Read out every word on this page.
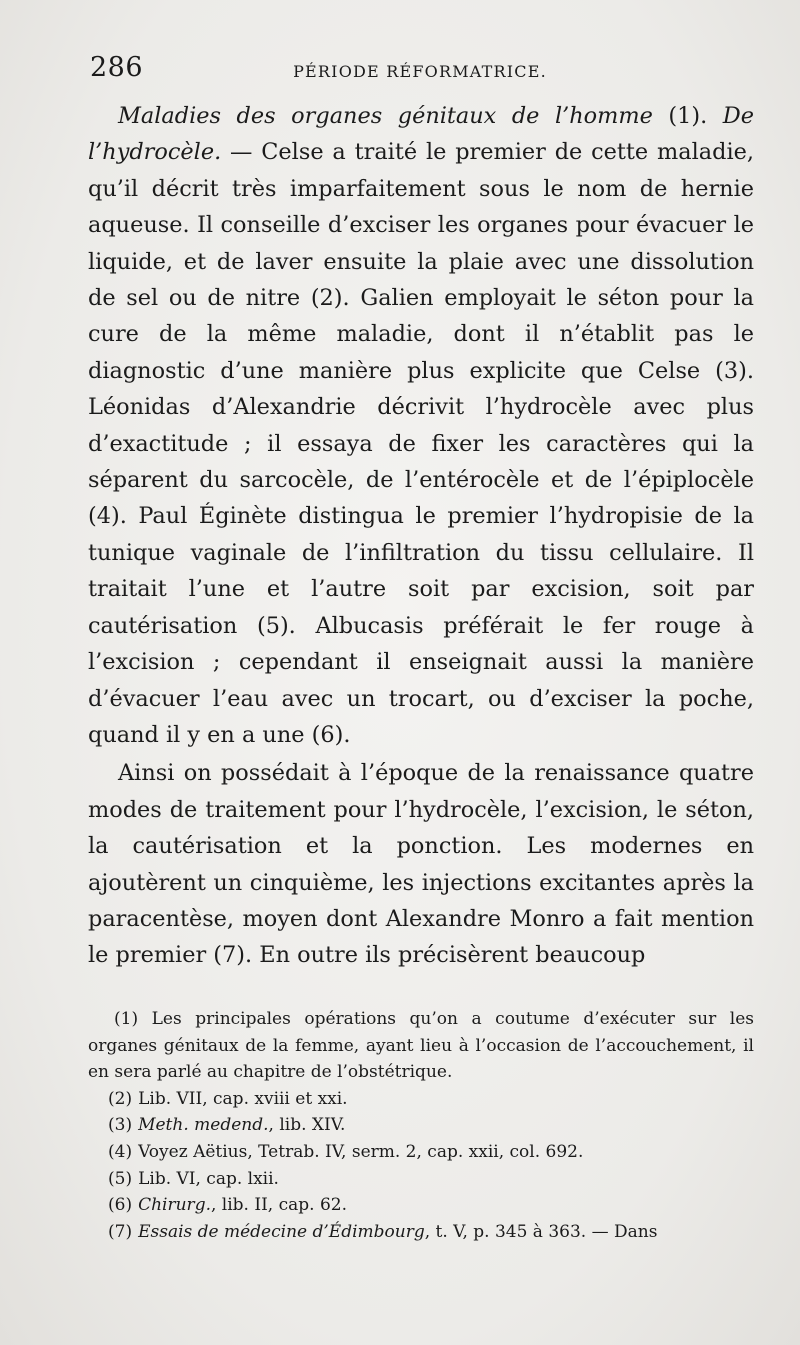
286	PÉRIODE RÉFORMATRICE.

Maladies des organes génitaux de l’homme (1). De l’hydrocèle. — Celse a traité le premier de cette maladie, qu’il décrit très imparfaitement sous le nom de hernie aqueuse. Il conseille d’exciser les organes pour évacuer le liquide, et de laver ensuite la plaie avec une dissolution de sel ou de nitre (2). Galien employait le séton pour la cure de la même maladie, dont il n’établit pas le diagnostic d’une manière plus explicite que Celse (3). Léonidas d’Alexandrie décrivit l’hydrocèle avec plus d’exactitude ; il essaya de fixer les caractères qui la séparent du sarcocèle, de l’entérocèle et de l’épiplocèle (4). Paul Éginète distingua le premier l’hydropisie de la tunique vaginale de l’infiltration du tissu cellulaire. Il traitait l’une et l’autre soit par excision, soit par cautérisation (5). Albucasis préférait le fer rouge à l’excision ; cependant il enseignait aussi la manière d’évacuer l’eau avec un trocart, ou d’exciser la poche, quand il y en a une (6).

Ainsi on possédait à l’époque de la renaissance quatre modes de traitement pour l’hydrocèle, l’excision, le séton, la cautérisation et la ponction. Les modernes en ajoutèrent un cinquième, les injections excitantes après la paracentèse, moyen dont Alexandre Monro a fait mention le premier (7). En outre ils précisèrent beaucoup

(1) Les principales opérations qu’on a coutume d’exécuter sur les organes génitaux de la femme, ayant lieu à l’occasion de l’accouchement, il en sera parlé au chapitre de l’obstétrique.

(2) Lib. VII, cap. xviii et xxi.

(3) Meth. medend., lib. XIV.

(4) Voyez Aëtius, Tetrab. IV, serm. 2, cap. xxii, col. 692.

(5) Lib. VI, cap. lxii.

(6) Chirurg., lib. II, cap. 62.

(7) Essais de médecine d’Édimbourg, t. V, p. 345 à 363. — Dans
